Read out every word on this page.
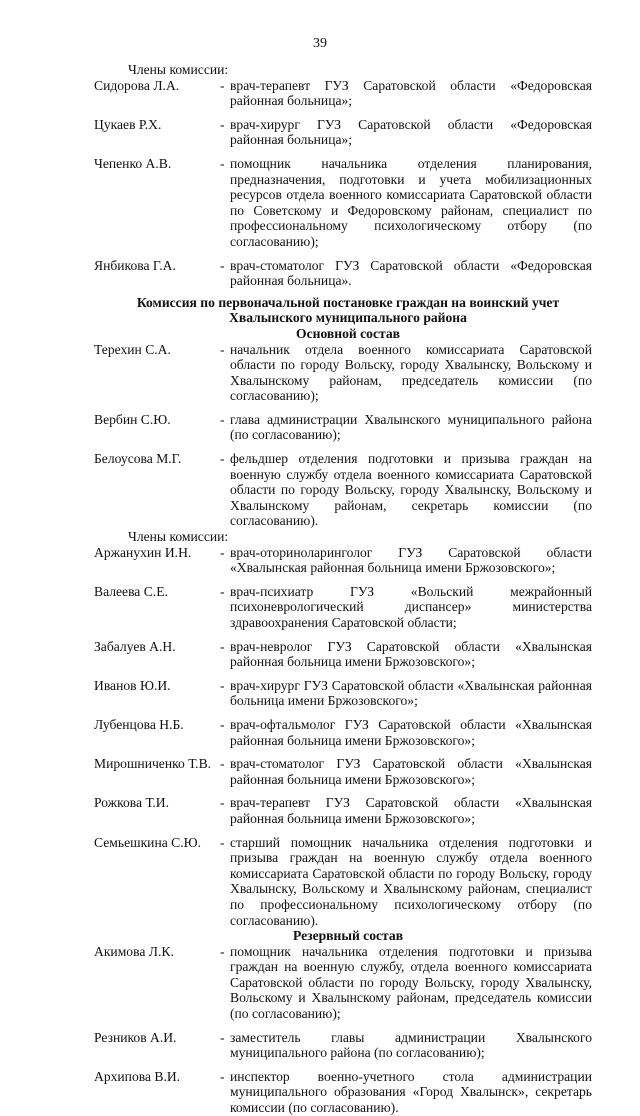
39
Члены комиссии:
Сидорова Л.А.	- врач-терапевт ГУЗ Саратовской области «Федоровская районная больница»;
Цукаев Р.Х.	- врач-хирург ГУЗ Саратовской области «Федоровская районная больница»;
Чепенко А.В.	- помощник начальника отделения планирования, предназначения, подготовки и учета мобилизационных ресурсов отдела военного комиссариата Саратовской области по Советскому и Федоровскому районам, специалист по профессиональному психологическому отбору (по согласованию);
Янбикова Г.А.	- врач-стоматолог ГУЗ Саратовской области «Федоровская районная больница».
Комиссия по первоначальной постановке граждан на воинский учет
Хвалынского муниципального района
Основной состав
Терехин С.А.	- начальник отдела военного комиссариата Саратовской области по городу Вольску, городу Хвалынску, Вольскому и Хвалынскому районам, председатель комиссии (по согласованию);
Вербин С.Ю.	- глава администрации Хвалынского муниципального района (по согласованию);
Белоусова М.Г.	- фельдшер отделения подготовки и призыва граждан на военную службу отдела военного комиссариата Саратовской области по городу Вольску, городу Хвалынску, Вольскому и Хвалынскому районам, секретарь комиссии (по согласованию).
Члены комиссии:
Аржанухин И.Н.	- врач-оториноларинголог ГУЗ Саратовской области «Хвалынская районная больница имени Бржозовского»;
Валеева С.Е.	- врач-психиатр ГУЗ «Вольский межрайонный психоневрологический диспансер» министерства здравоохранения Саратовской области;
Забалуев А.Н.	- врач-невролог ГУЗ Саратовской области «Хвалынская районная больница имени Бржозовского»;
Иванов Ю.И.	- врач-хирург ГУЗ Саратовской области «Хвалынская районная больница имени Бржозовского»;
Лубенцова Н.Б.	- врач-офтальмолог ГУЗ Саратовской области «Хвалынская районная больница имени Бржозовского»;
Мирошниченко Т.В. - врач-стоматолог ГУЗ Саратовской области «Хвалынская районная больница имени Бржозовского»;
Рожкова Т.И.	- врач-терапевт ГУЗ Саратовской области «Хвалынская районная больница имени Бржозовского»;
Семьешкина С.Ю.	- старший помощник начальника отделения подготовки и призыва граждан на военную службу отдела военного комиссариата Саратовской области по городу Вольску, городу Хвалынску, Вольскому и Хвалынскому районам, специалист по профессиональному психологическому отбору (по согласованию).
Резервный состав
Акимова Л.К.	- помощник начальника отделения подготовки и призыва граждан на военную службу, отдела военного комиссариата Саратовской области по городу Вольску, городу Хвалынску, Вольскому и Хвалынскому районам, председатель комиссии (по согласованию);
Резников А.И.	- заместитель главы администрации Хвалынского муниципального района (по согласованию);
Архипова В.И.	- инспектор военно-учетного стола администрации муниципального образования «Город Хвалынск», секретарь комиссии (по согласованию).
